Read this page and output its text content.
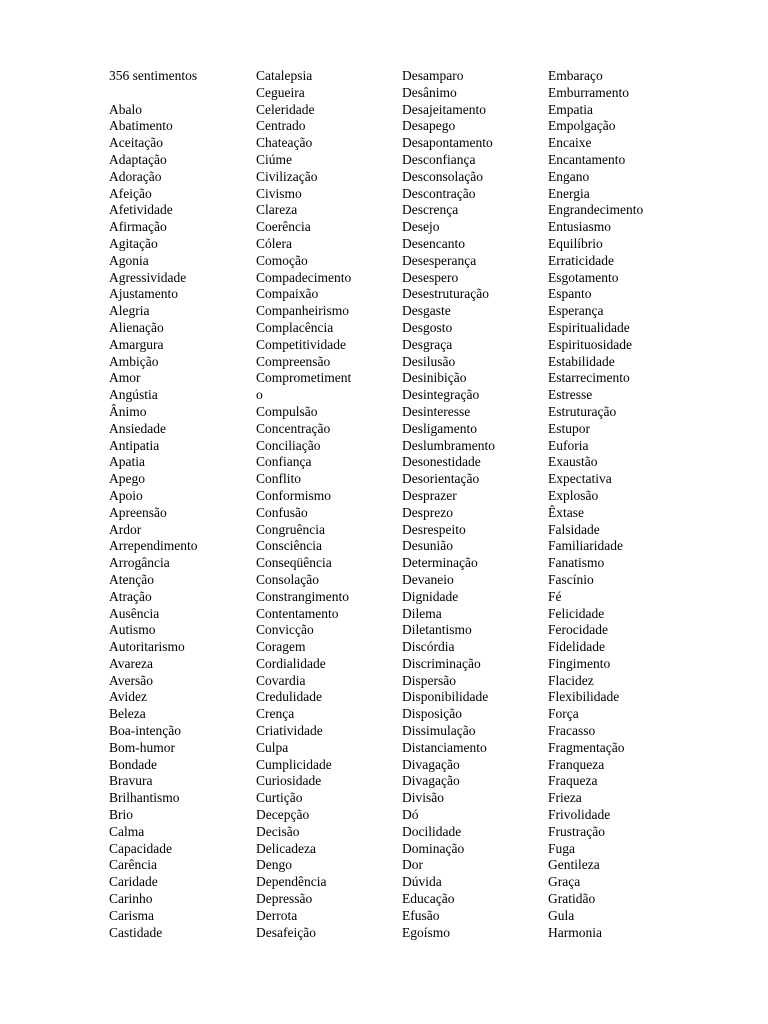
356 sentimentos
Abalo
Abatimento
Aceitação
Adaptação
Adoração
Afeição
Afetividade
Afirmação
Agitação
Agonia
Agressividade
Ajustamento
Alegria
Alienação
Amargura
Ambição
Amor
Angústia
Ânimo
Ansiedade
Antipatia
Apatia
Apego
Apoio
Apreensão
Ardor
Arrependimento
Arrogância
Atenção
Atração
Ausência
Autismo
Autoritarismo
Avareza
Aversão
Avidez
Beleza
Boa-intenção
Bom-humor
Bondade
Bravura
Brilhantismo
Brio
Calma
Capacidade
Carência
Caridade
Carinho
Carisma
Castidade
Catalepsia
Cegueira
Celeridade
Centrado
Chateação
Ciúme
Civilização
Civismo
Clareza
Coerência
Cólera
Comoção
Compadecimento
Compaixão
Companheirismo
Complacência
Competitividade
Compreensão
Comprometiment
o
Compulsão
Concentração
Conciliação
Confiança
Conflito
Conformismo
Confusão
Congruência
Consciência
Conseqüência
Consolação
Constrangimento
Contentamento
Convicção
Coragem
Cordialidade
Covardia
Credulidade
Crença
Criatividade
Culpa
Cumplicidade
Curiosidade
Curtição
Decepção
Decisão
Delicadeza
Dengo
Dependência
Depressão
Derrota
Desafeição
Desamparo
Desânimo
Desajeitamento
Desapego
Desapontamento
Desconfiança
Desconsolação
Descontração
Descrença
Desejo
Desencanto
Desesperança
Desespero
Desestruturação
Desgaste
Desgosto
Desgraça
Desilusão
Desinibição
Desintegração
Desinteresse
Desligamento
Deslumbramento
Desonestidade
Desorientação
Desprazer
Desprezo
Desrespeito
Desunião
Determinação
Devaneio
Dignidade
Dilema
Diletantismo
Discórdia
Discriminação
Dispersão
Disponibilidade
Disposição
Dissimulação
Distanciamento
Divagação
Divagação
Divisão
Dó
Docilidade
Dominação
Dor
Dúvida
Educação
Efusão
Egoísmo
Embaraço
Emburramento
Empatia
Empolgação
Encaixe
Encantamento
Engano
Energia
Engrandecimento
Entusiasmo
Equilíbrio
Erraticidade
Esgotamento
Espanto
Esperança
Espiritualidade
Espirituosidade
Estabilidade
Estarrecimento
Estresse
Estruturação
Estupor
Euforia
Exaustão
Expectativa
Explosão
Êxtase
Falsidade
Familiaridade
Fanatismo
Fascínio
Fé
Felicidade
Ferocidade
Fidelidade
Fingimento
Flacidez
Flexibilidade
Força
Fracasso
Fragmentação
Franqueza
Fraqueza
Frieza
Frivolidade
Frustração
Fuga
Gentileza
Graça
Gratidão
Gula
Harmonia
